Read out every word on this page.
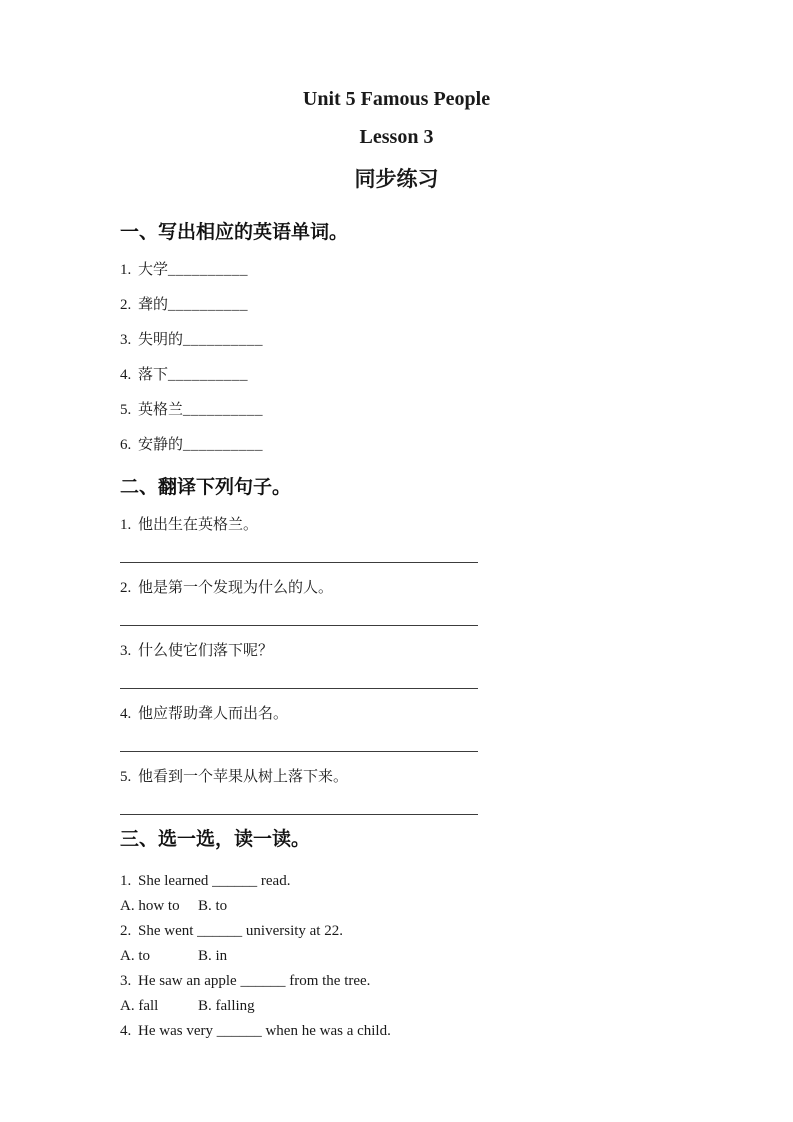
Unit 5 Famous People
Lesson 3
同步练习
一、写出相应的英语单词。
1. 大学 __________
2. 聋的 __________
3. 失明的 __________
4. 落下 __________
5. 英格兰 __________
6. 安静的 __________
二、翻译下列句子。
1. 他出生在英格兰。
2. 他是第一个发现为什么的人。
3. 什么使它们落下呢？
4. 他应帮助聋人而出名。
5. 他看到一个苹果从树上落下来。
三、选一选，读一读。
1. She learned ______ read.
A. how to B. to
2. She went ______ university at 22.
A. to	B. in
3. He saw an apple ______ from the tree.
A. fall	B. falling
4. He was very ______ when he was a child.
